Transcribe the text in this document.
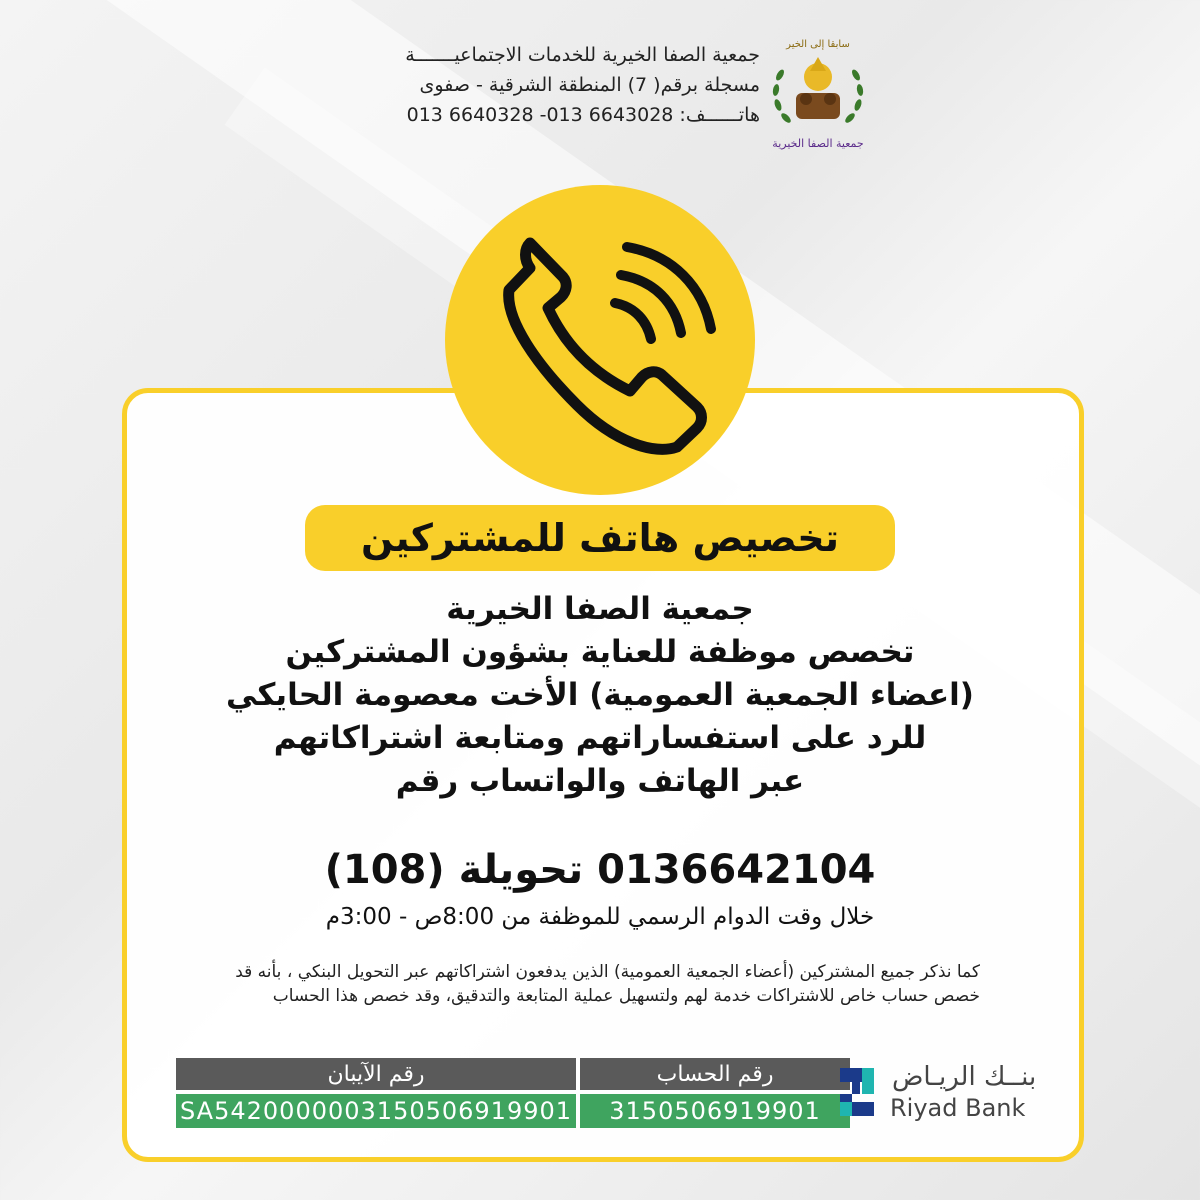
جمعية الصفا الخيرية للخدمات الاجتماعيـــــــة
مسجلة برقم( 7) المنطقة الشرقية - صفوى
هاتــــــف: 6643028 013- 6640328 013
سابقا إلى الخير
جمعية الصفا الخيرية
تخصيص هاتف للمشتركين
جمعية الصفا الخيرية
تخصص موظفة للعناية بشؤون المشتركين
(اعضاء الجمعية العمومية) الأخت معصومة الحايكي
للرد على استفساراتهم ومتابعة اشتراكاتهم
عبر الهاتف والواتساب رقم
0136642104 تحويلة (108)
خلال وقت الدوام الرسمي للموظفة من 8:00ص - 3:00م
كما نذكر جميع المشتركين (أعضاء الجمعية العمومية) الذين يدفعون اشتراكاتهم عبر التحويل البنكي ، بأنه قد خصص حساب خاص للاشتراكات خدمة لهم ولتسهيل عملية المتابعة والتدقيق، وقد خصص هذا الحساب
رقم الآيبان	رقم الحساب
SA5420000003150506919901	3150506919901
بنــك الريـاض
Riyad Bank
